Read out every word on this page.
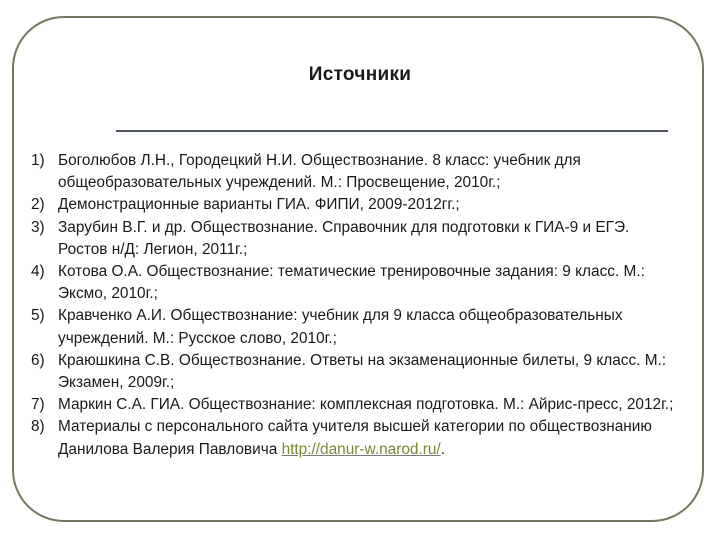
Источники
1) Боголюбов Л.Н., Городецкий Н.И. Обществознание. 8 класс: учебник для общеобразовательных учреждений. М.: Просвещение, 2010г.;
2) Демонстрационные варианты ГИА. ФИПИ, 2009-2012гг.;
3) Зарубин В.Г. и др. Обществознание. Справочник для подготовки к ГИА-9 и ЕГЭ. Ростов н/Д: Легион, 2011г.;
4) Котова О.А. Обществознание: тематические тренировочные задания: 9 класс. М.: Эксмо, 2010г.;
5) Кравченко А.И. Обществознание: учебник для 9 класса общеобразовательных учреждений. М.: Русское слово, 2010г.;
6) Краюшкина С.В. Обществознание. Ответы на экзаменационные билеты, 9 класс. М.: Экзамен, 2009г.;
7) Маркин С.А. ГИА. Обществознание: комплексная подготовка. М.: Айрис-пресс, 2012г.;
8) Материалы с персонального сайта учителя высшей категории по обществознанию Данилова Валерия Павловича http://danur-w.narod.ru/.
